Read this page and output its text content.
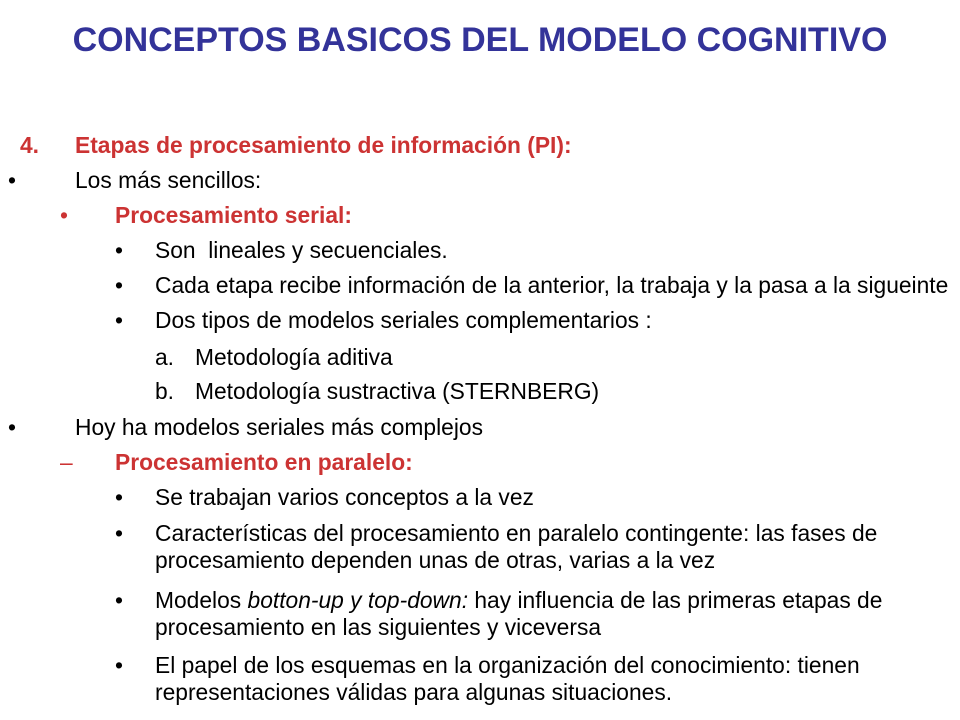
CONCEPTOS BASICOS DEL MODELO COGNITIVO
4. Etapas de procesamiento de información (PI):
•	Los más sencillos:
• Procesamiento serial:
• Son  lineales y secuenciales.
• Cada etapa recibe información de la anterior, la trabaja y la pasa a la sigueinte
• Dos tipos de modelos seriales complementarios :
a. Metodología aditiva
b. Metodología sustractiva (STERNBERG)
•	Hoy ha modelos seriales más complejos
– Procesamiento en paralelo:
• Se trabajan varios conceptos a la vez
• Características del procesamiento en paralelo contingente: las fases de
procesamiento dependen unas de otras, varias a la vez
• Modelos botton-up y top-down: hay influencia de las primeras etapas de
procesamiento en las siguientes y viceversa
• El papel de los esquemas en la organización del conocimiento: tienen
representaciones válidas para algunas situaciones.
